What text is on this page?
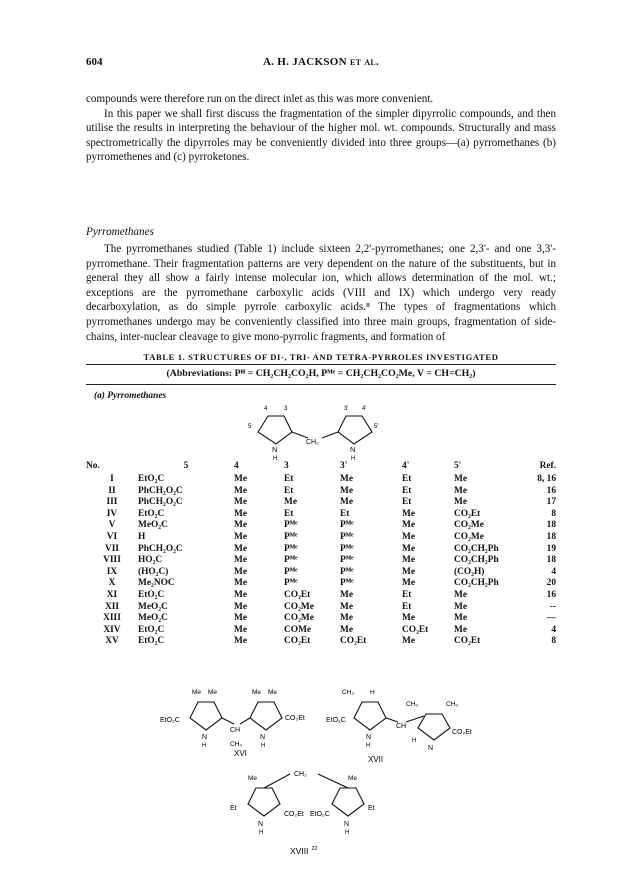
604	A. H. JACKSON et al.

compounds were therefore run on the direct inlet as this was more convenient.

In this paper we shall first discuss the fragmentation of the simpler dipyrrolic compounds, and then utilise the results in interpreting the behaviour of the higher mol. wt. compounds. Structurally and mass spectrometrically the dipyrroles may be conveniently divided into three groups—(a) pyrromethanes (b) pyrromethenes and (c) pyrroketones.

Pyrromethanes

The pyrromethanes studied (Table 1) include sixteen 2,2'-pyrromethanes; one 2,3'- and one 3,3'-pyrromethane. Their fragmentation patterns are very dependent on the nature of the substituents, but in general they all show a fairly intense molecular ion, which allows determination of the mol. wt.; exceptions are the pyrromethane carboxylic acids (VIII and IX) which undergo very ready decarboxylation, as do simple pyrrole carboxylic acids.⁸ The types of fragmentations which pyrromethanes undergo may be conveniently classified into three main groups, fragmentation of side-chains, inter-nuclear cleavage to give mono-pyrrolic fragments, and formation of

TABLE 1. STRUCTURES OF DI-, TRI- AND TETRA-PYRROLES INVESTIGATED
(Abbreviations: Pᴴ = CH₂CH₂CO₂H, Pᴹᵉ = CH₂CH₂CO₂Me, V = CH=CH₂)
(a) Pyrromethanes
4	3	3' 4'
5'
5
N
H
CH₂
N
H
No.	5	4	3	3'	4'	5'	Ref.
I	EtO₂C	Me	Et	Me	Et	Me	8, 16
II	PhCH₂O₂C	Me	Et	Me	Et	Me	16
III	PhCH₂O₂C	Me	Me	Me	Et	Me	17
IV	EtO₂C	Me	Et	Et	Me	CO₂Et	8
V	MeO₂C	Me	Pᴹᵉ	Pᴹᵉ	Me	CO₂Me	18
VI	H	Me	Pᴹᵉ	Pᴹᵉ	Me	CO₂Me	18
VII	PhCH₂O₂C	Me	Pᴹᵉ	Pᴹᵉ	Me	CO₂CH₂Ph	19
VIII	HO₂C	Me	Pᴹᵉ	Pᴹᵉ	Me	CO₂CH₂Ph	18
IX	(HO₂C)	Me	Pᴹᵉ	Pᴹᵉ	Me	(CO₂H)	4
X	Me₂NOC	Me	Pᴹᵉ	Pᴹᵉ	Me	CO₂CH₂Ph	20
XI	EtO₂C	Me	CO₂Et	Me	Et	Me	16
XII	MeO₂C	Me	CO₂Me	Me	Et	Me	--
XIII	MeO₂C	Me	CO₂Me	Me	Me	Me	—
XIV	EtO₂C	Me	COMe	Me	CO₂Et	Me	4
XV	EtO₂C	Me	CO₂Et	CO₂Et	Me	CO₂Et	8
Me Me	Me Me
EtO₂C
N
H
CH
CH₃
N
H
CO₂Et
XVI
CH₃ H
CH₃	CH₃
EtO₂C
N
H
CH
H
N
CO₂Et
XVII
Me
CH₂
Me
Et
N
H
CO₂Et EtO₂C
N
H
Et
XVIII $^{22}$
